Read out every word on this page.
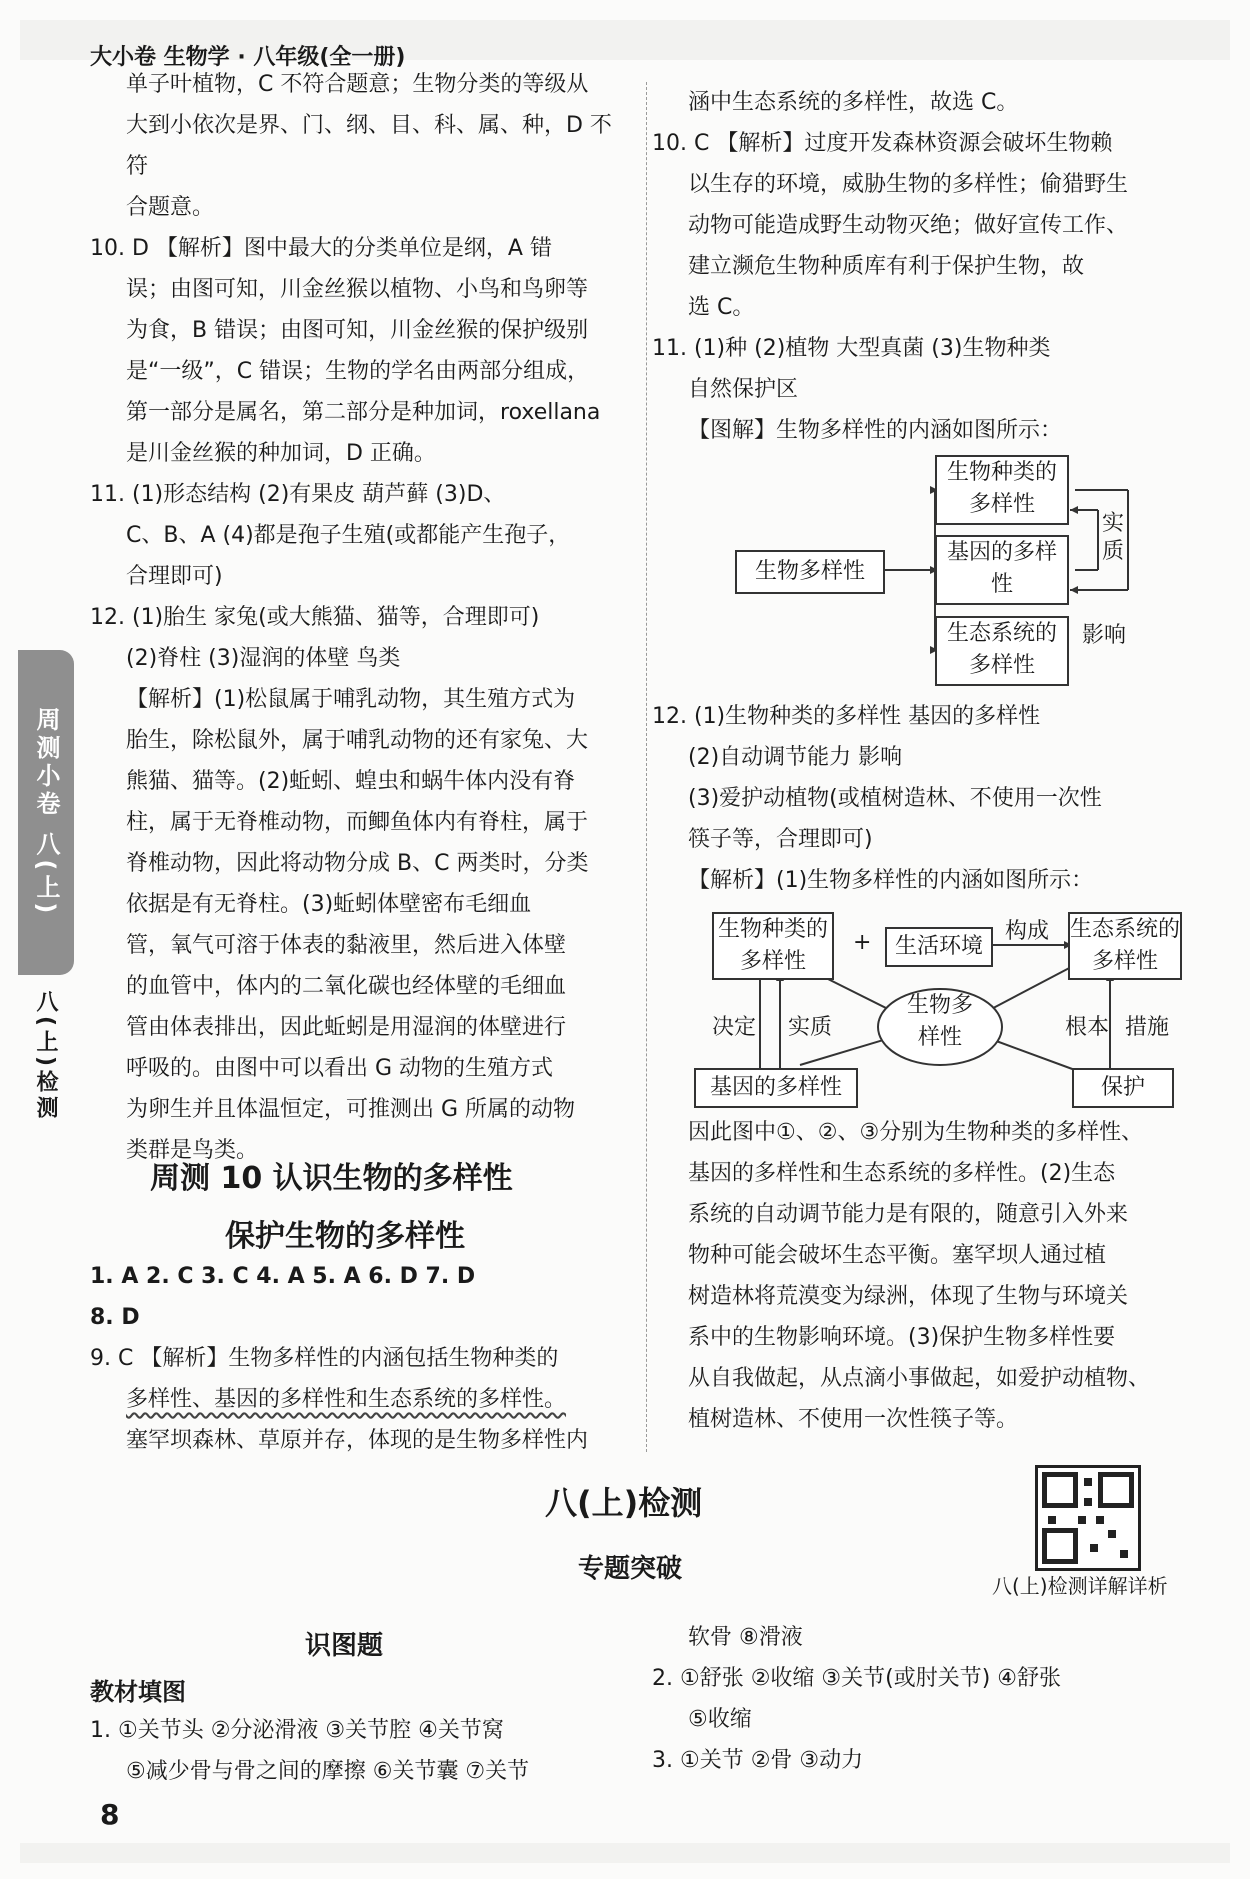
大小卷 生物学 · 八年级(全一册)
周测小卷 八(上)
八(上)检测

单子叶植物，C 不符合题意；生物分类的等级从

大到小依次是界、门、纲、目、科、属、种，D 不符

合题意。

10. D 【解析】图中最大的分类单位是纲，A 错

误；由图可知，川金丝猴以植物、小鸟和鸟卵等

为食，B 错误；由图可知，川金丝猴的保护级别

是“一级”，C 错误；生物的学名由两部分组成，

第一部分是属名，第二部分是种加词，roxellana

是川金丝猴的种加词，D 正确。

11. (1)形态结构 (2)有果皮 葫芦藓 (3)D、

C、B、A (4)都是孢子生殖(或都能产生孢子，

合理即可)

12. (1)胎生 家兔(或大熊猫、猫等，合理即可)

(2)脊柱 (3)湿润的体壁 鸟类

【解析】(1)松鼠属于哺乳动物，其生殖方式为

胎生，除松鼠外，属于哺乳动物的还有家兔、大

熊猫、猫等。(2)蚯蚓、蝗虫和蜗牛体内没有脊

柱，属于无脊椎动物，而鲫鱼体内有脊柱，属于

脊椎动物，因此将动物分成 B、C 两类时，分类

依据是有无脊柱。(3)蚯蚓体壁密布毛细血

管，氧气可溶于体表的黏液里，然后进入体壁

的血管中，体内的二氧化碳也经体壁的毛细血

管由体表排出，因此蚯蚓是用湿润的体壁进行

呼吸的。由图中可以看出 G 动物的生殖方式

为卵生并且体温恒定，可推测出 G 所属的动物

类群是鸟类。

周测 10 认识生物的多样性
保护生物的多样性

1. A 2. C 3. C 4. A 5. A 6. D 7. D

8. D

9. C 【解析】生物多样性的内涵包括生物种类的

多样性、基因的多样性和生态系统的多样性。

塞罕坝森林、草原并存，体现的是生物多样性内

涵中生态系统的多样性，故选 C。

10. C 【解析】过度开发森林资源会破坏生物赖

以生存的环境，威胁生物的多样性；偷猎野生

动物可能造成野生动物灭绝；做好宣传工作、

建立濒危生物种质库有利于保护生物，故

选 C。

11. (1)种 (2)植物 大型真菌 (3)生物种类

自然保护区

【图解】生物多样性的内涵如图所示：

生物多样性
生物种类的多样性
基因的多样性
生态系统的多样性
实质
影响

12. (1)生物种类的多样性 基因的多样性

(2)自动调节能力 影响

(3)爱护动植物(或植树造林、不使用一次性

筷子等，合理即可)

【解析】(1)生物多样性的内涵如图所示：

生物种类的多样性
+	生活环境
构成 生态系统的多样性
生物多样性
决定 实质	根本 措施
基因的多样性	保护

因此图中①、②、③分别为生物种类的多样性、

基因的多样性和生态系统的多样性。(2)生态

系统的自动调节能力是有限的，随意引入外来

物种可能会破坏生态平衡。塞罕坝人通过植

树造林将荒漠变为绿洲，体现了生物与环境关

系中的生物影响环境。(3)保护生物多样性要

从自我做起，从点滴小事做起，如爱护动植物、

植树造林、不使用一次性筷子等。

八(上)检测
八(上)检测详解详析
专题突破
识图题
教材填图

1. ①关节头 ②分泌滑液 ③关节腔 ④关节窝

⑤减少骨与骨之间的摩擦 ⑥关节囊 ⑦关节

软骨 ⑧滑液

2. ①舒张 ②收缩 ③关节(或肘关节) ④舒张

⑤收缩

3. ①关节 ②骨 ③动力

8
